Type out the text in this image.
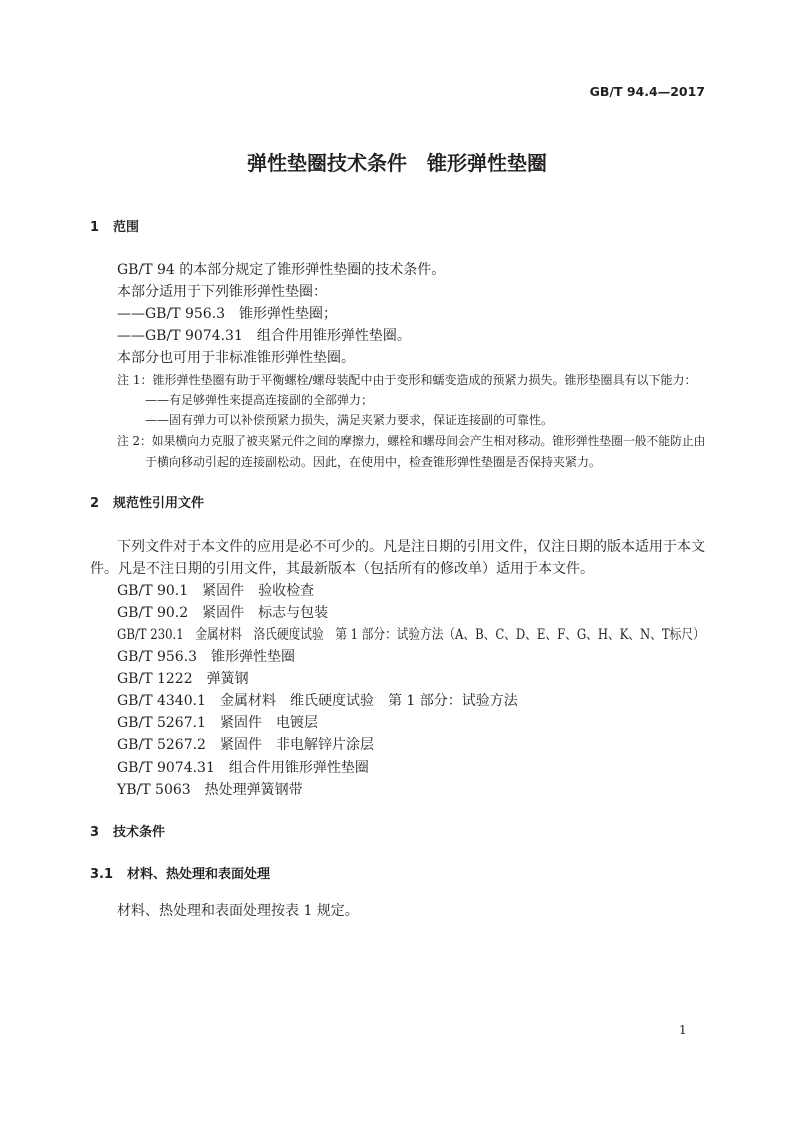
GB/T 94.4—2017
弹性垫圈技术条件　锥形弹性垫圈
1 范围
GB/T 94 的本部分规定了锥形弹性垫圈的技术条件。
本部分适用于下列锥形弹性垫圈：
——GB/T 956.3　锥形弹性垫圈；
——GB/T 9074.31　组合件用锥形弹性垫圈。
本部分也可用于非标准锥形弹性垫圈。
注 1：锥形弹性垫圈有助于平衡螺栓/螺母装配中由于变形和蠕变造成的预紧力损失。锥形垫圈具有以下能力：
——有足够弹性来提高连接副的全部弹力；
——固有弹力可以补偿预紧力损失，满足夹紧力要求，保证连接副的可靠性。
注 2：如果横向力克服了被夹紧元件之间的摩擦力，螺栓和螺母间会产生相对移动。锥形弹性垫圈一般不能防止由
于横向移动引起的连接副松动。因此，在使用中，检查锥形弹性垫圈是否保持夹紧力。
2 规范性引用文件
下列文件对于本文件的应用是必不可少的。凡是注日期的引用文件，仅注日期的版本适用于本文
件。凡是不注日期的引用文件，其最新版本（包括所有的修改单）适用于本文件。
GB/T 90.1 紧固件　验收检查
GB/T 90.2 紧固件　标志与包装
GB/T 230.1 金属材料　洛氏硬度试验　第 1 部分：试验方法（A、B、C、D、E、F、G、H、K、N、T标尺）
GB/T 956.3 锥形弹性垫圈
GB/T 1222 弹簧钢
GB/T 4340.1 金属材料　维氏硬度试验　第 1 部分：试验方法
GB/T 5267.1 紧固件　电镀层
GB/T 5267.2 紧固件　非电解锌片涂层
GB/T 9074.31 组合件用锥形弹性垫圈
YB/T 5063 热处理弹簧钢带
3 技术条件
3.1 材料、热处理和表面处理
材料、热处理和表面处理按表 1 规定。
1
